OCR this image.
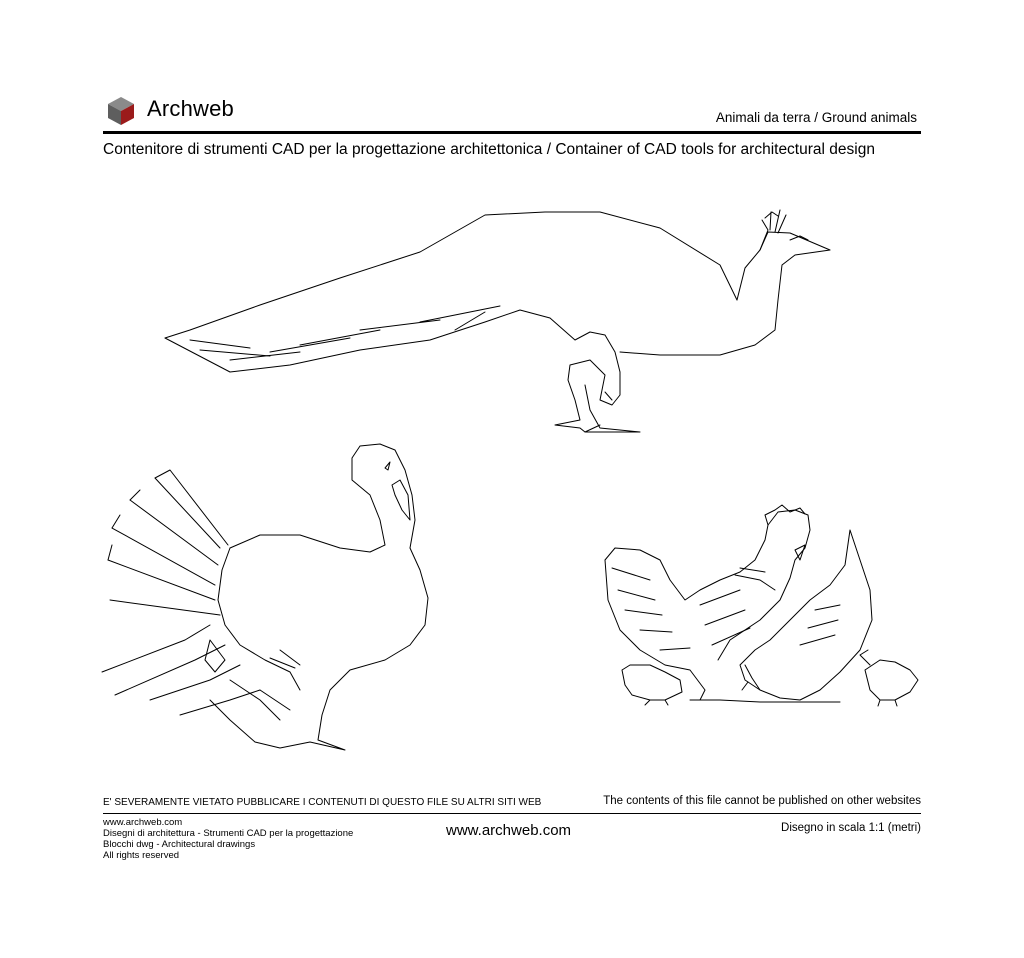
Archweb	Animali da terra / Ground animals
Contenitore di strumenti CAD per la progettazione architettonica / Container of CAD tools for architectural design
E' SEVERAMENTE VIETATO PUBBLICARE I CONTENUTI DI QUESTO FILE SU ALTRI SITI WEB	The contents of this file cannot be published on other websites
www.archweb.com
Disegni di architettura - Strumenti CAD per la progettazione
Blocchi dwg - Architectural drawings
All rights reserved
www.archweb.com	Disegno in scala 1:1 (metri)
